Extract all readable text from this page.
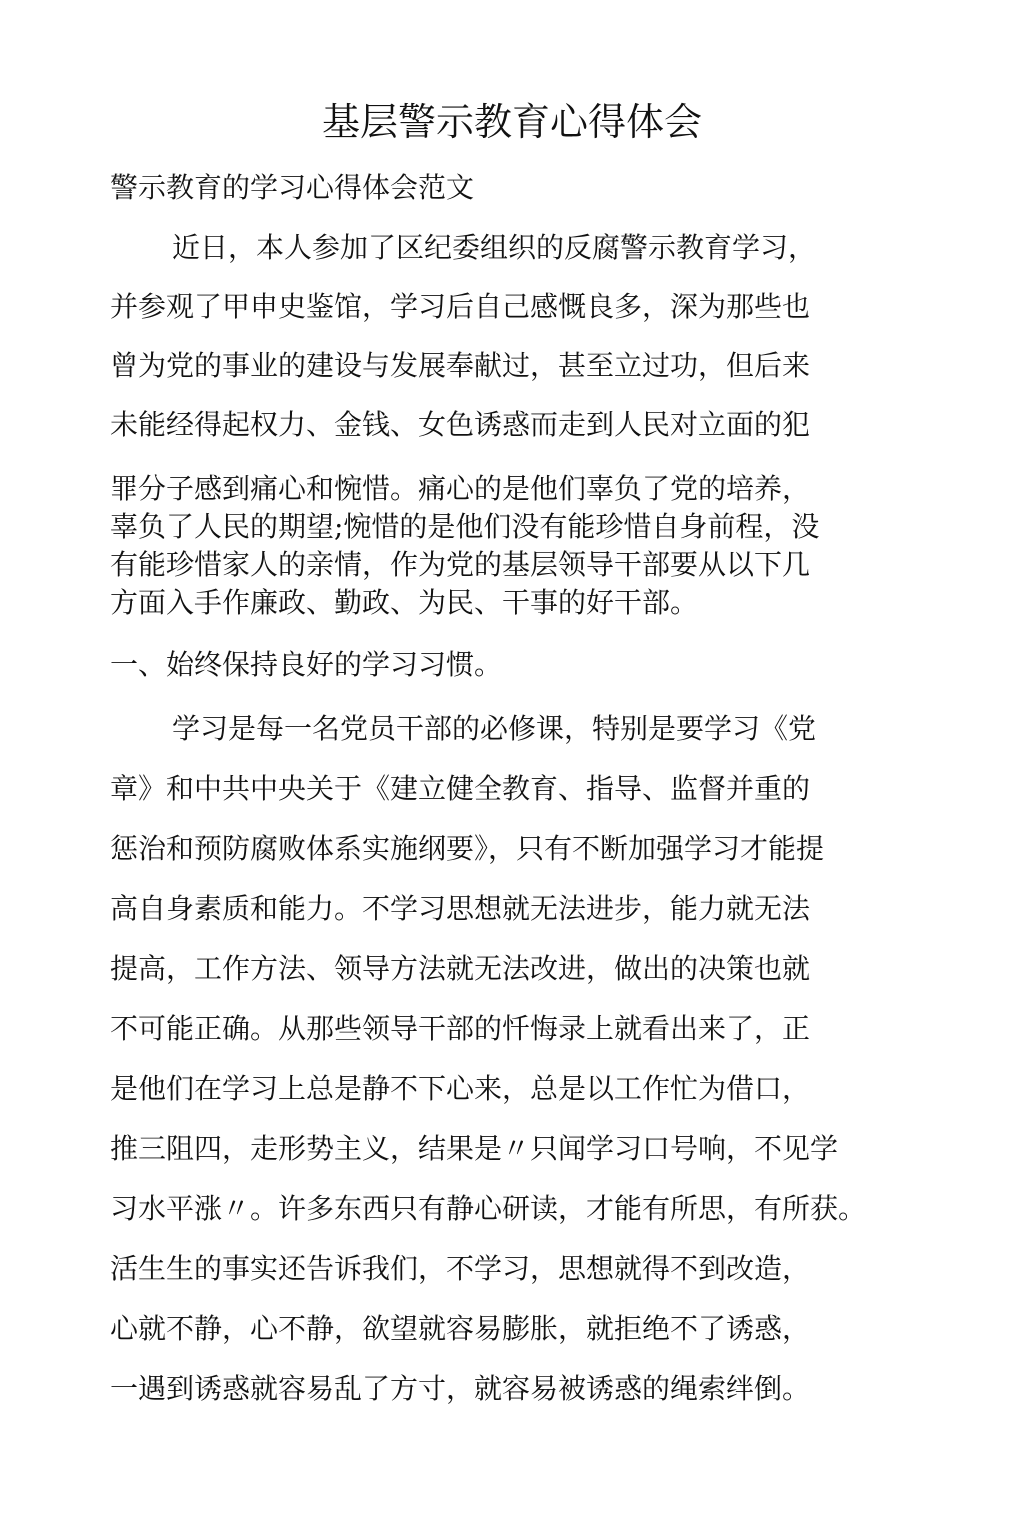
基层警示教育心得体会
警示教育的学习心得体会范文
近日，本人参加了区纪委组织的反腐警示教育学习，
并参观了甲申史鉴馆，学习后自己感慨良多，深为那些也
曾为党的事业的建设与发展奉献过，甚至立过功，但后来
未能经得起权力、金钱、女色诱惑而走到人民对立面的犯
罪分子感到痛心和惋惜。痛心的是他们辜负了党的培养，
辜负了人民的期望;惋惜的是他们没有能珍惜自身前程，没
有能珍惜家人的亲情，作为党的基层领导干部要从以下几
方面入手作廉政、勤政、为民、干事的好干部。
一、始终保持良好的学习习惯。
学习是每一名党员干部的必修课，特别是要学习《党
章》和中共中央关于《建立健全教育、指导、监督并重的
惩治和预防腐败体系实施纲要》，只有不断加强学习才能提
高自身素质和能力。不学习思想就无法进步，能力就无法
提高，工作方法、领导方法就无法改进，做出的决策也就
不可能正确。从那些领导干部的忏悔录上就看出来了，正
是他们在学习上总是静不下心来，总是以工作忙为借口，
推三阻四，走形势主义，结果是〃只闻学习口号响，不见学
习水平涨〃。许多东西只有静心研读，才能有所思，有所获。
活生生的事实还告诉我们，不学习，思想就得不到改造，
心就不静，心不静，欲望就容易膨胀，就拒绝不了诱惑，
一遇到诱惑就容易乱了方寸，就容易被诱惑的绳索绊倒。
